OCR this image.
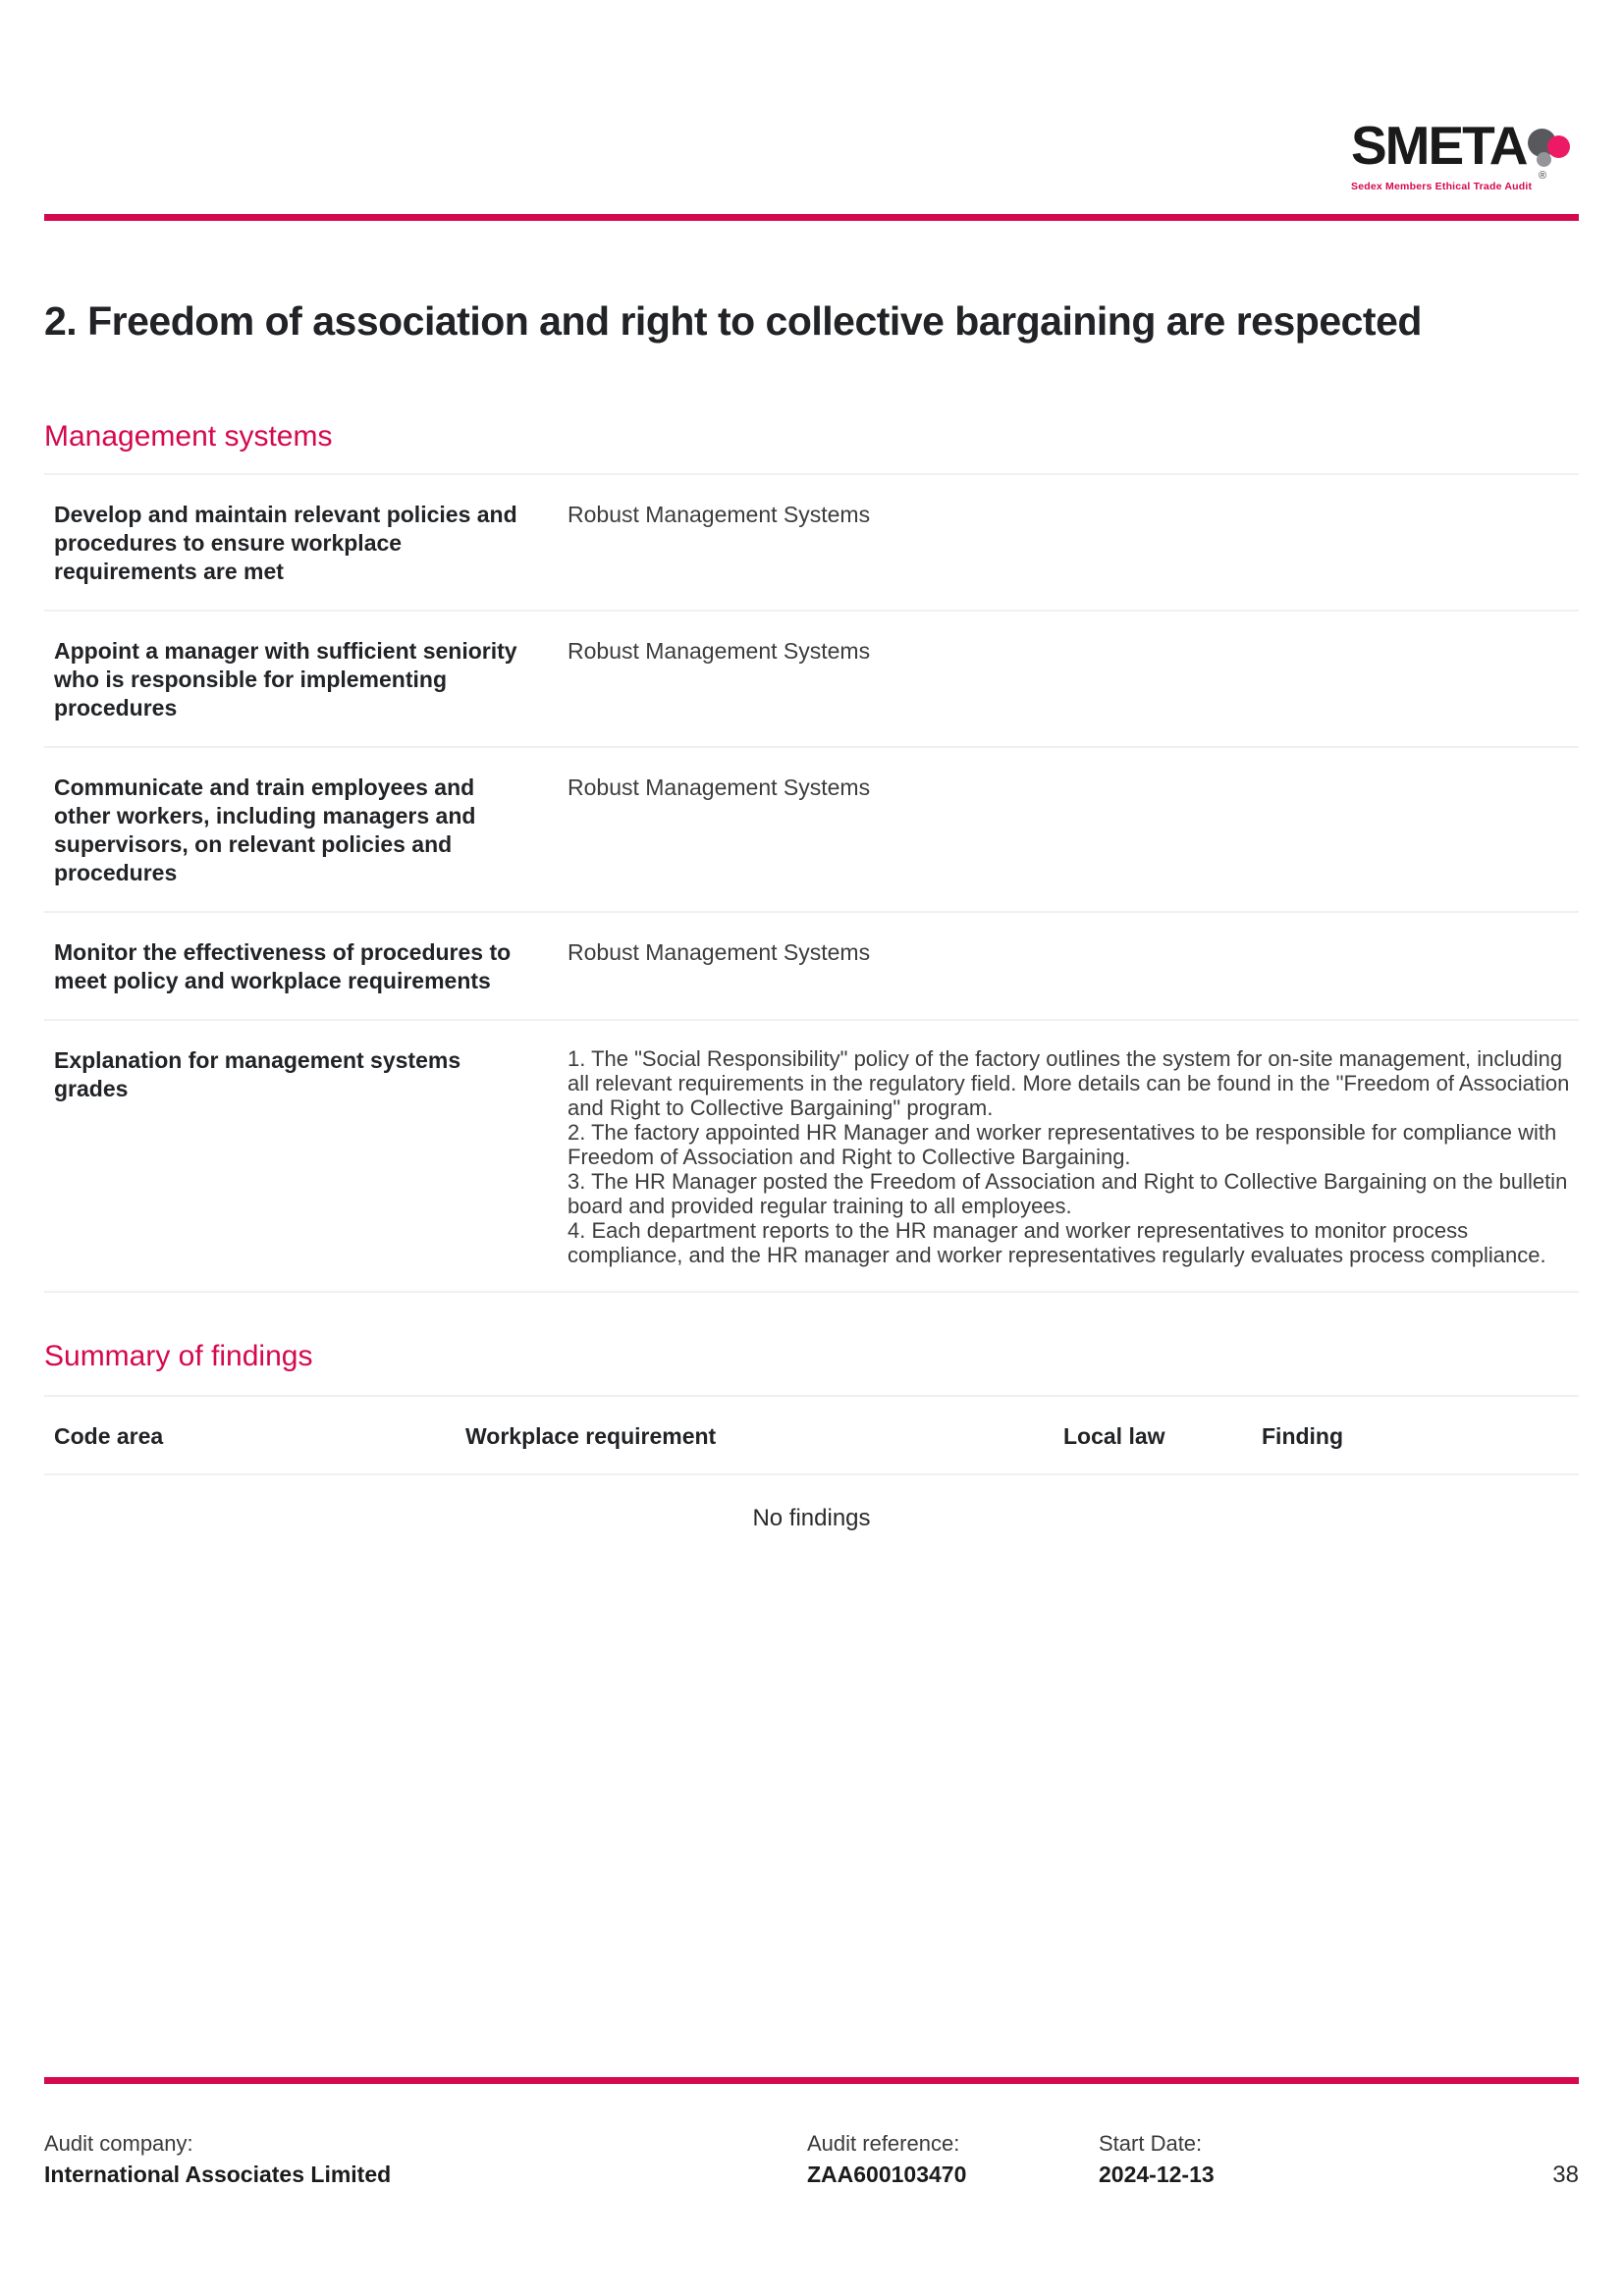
SMETA ®
Sedex Members Ethical Trade Audit
2. Freedom of association and right to collective bargaining are respected
Management systems
Develop and maintain relevant policies and procedures to ensure workplace requirements are met
Robust Management Systems
Appoint a manager with sufficient seniority who is responsible for implementing procedures
Robust Management Systems
Communicate and train employees and other workers, including managers and supervisors, on relevant policies and procedures
Robust Management Systems
Monitor the effectiveness of procedures to meet policy and workplace requirements
Robust Management Systems
Explanation for management systems grades
1. The "Social Responsibility" policy of the factory outlines the system for on-site management, including all relevant requirements in the regulatory field. More details can be found in the "Freedom of Association and Right to Collective Bargaining" program.
2. The factory appointed HR Manager and worker representatives to be responsible for compliance with Freedom of Association and Right to Collective Bargaining.
3. The HR Manager posted the Freedom of Association and Right to Collective Bargaining on the bulletin board and provided regular training to all employees.
4. Each department reports to the HR manager and worker representatives to monitor process compliance, and the HR manager and worker representatives regularly evaluates process compliance.
Summary of findings
Code area	Workplace requirement	Local law	Finding
No findings
Audit company:
International Associates Limited
Audit reference:
ZAA600103470
Start Date:
2024-12-13	38
